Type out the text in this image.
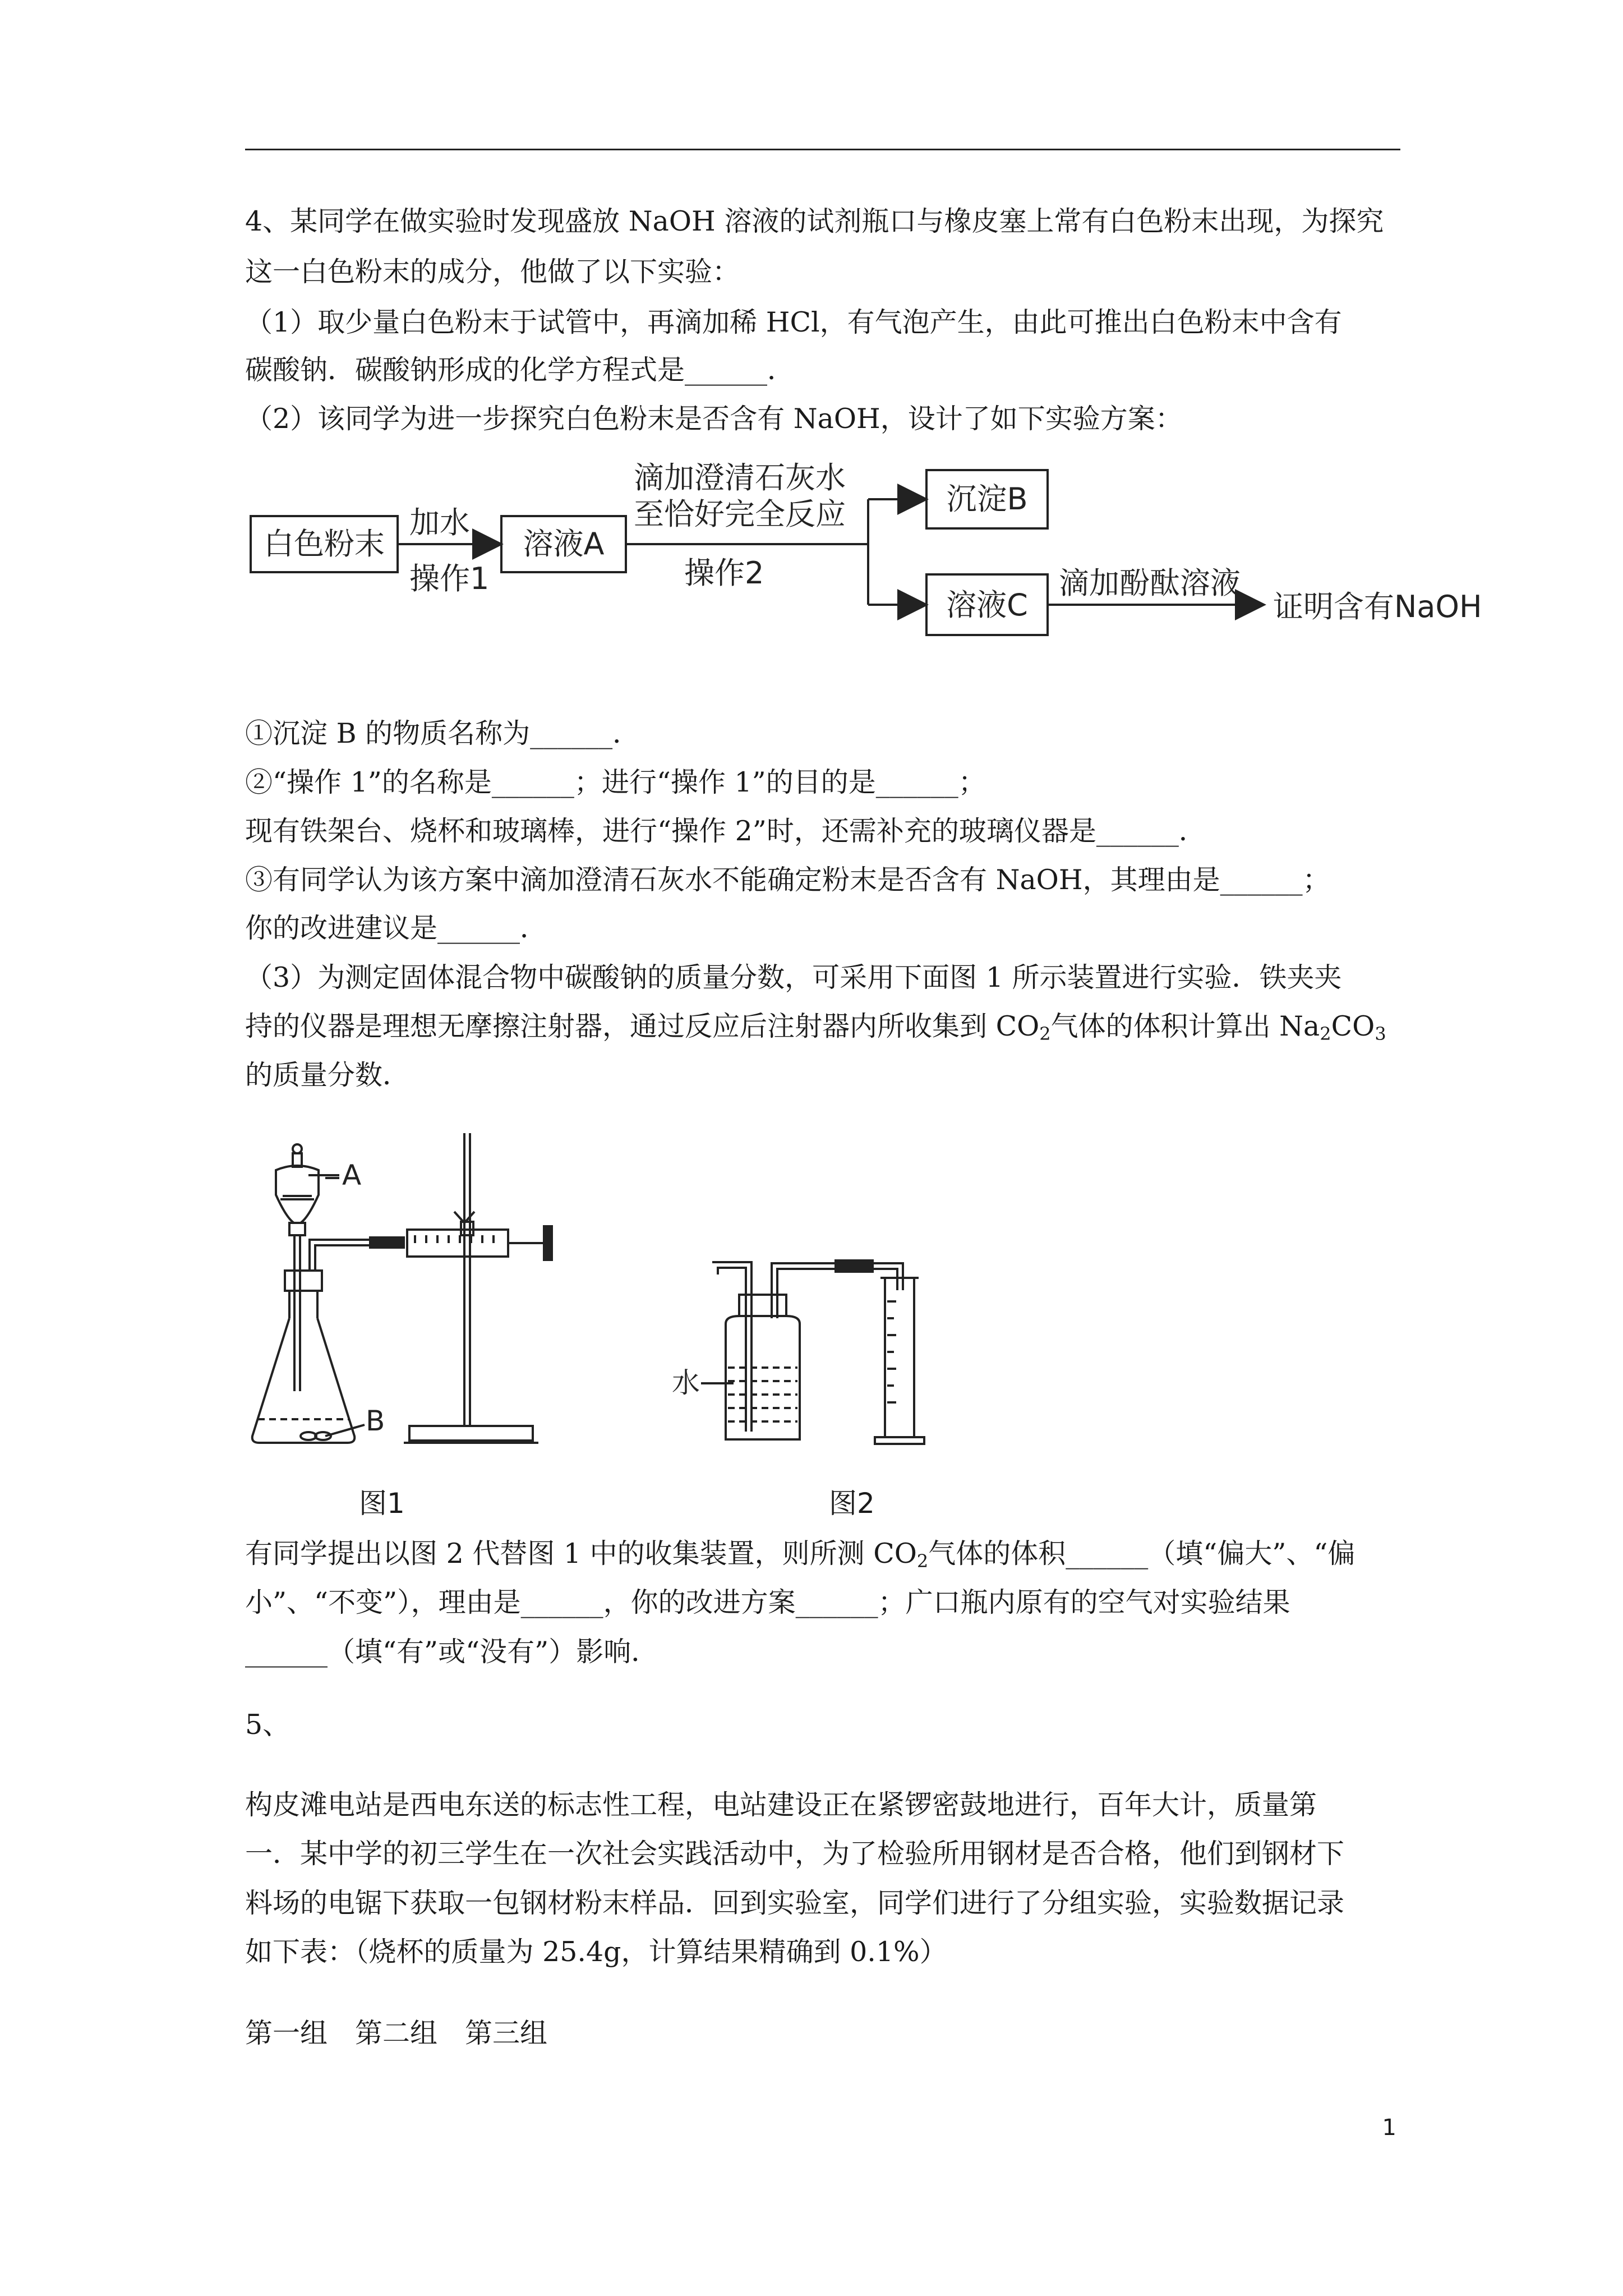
4、某同学在做实验时发现盛放 NaOH 溶液的试剂瓶口与橡皮塞上常有白色粉末出现，为探究
这一白色粉末的成分，他做了以下实验：
（1）取少量白色粉末于试管中，再滴加稀 HCl，有气泡产生，由此可推出白色粉末中含有
碳酸钠．碳酸钠形成的化学方程式是______．
（2）该同学为进一步探究白色粉末是否含有 NaOH，设计了如下实验方案：
白色粉末
加水
操作1
溶液A
滴加澄清石灰水
至恰好完全反应
操作2
沉淀B
溶液C
滴加酚酞溶液
证明含有NaOH
①沉淀 B 的物质名称为______．
②“操作 1”的名称是______；进行“操作 1”的目的是______；
现有铁架台、烧杯和玻璃棒，进行“操作 2”时，还需补充的玻璃仪器是______．
③有同学认为该方案中滴加澄清石灰水不能确定粉末是否含有 NaOH，其理由是______；
你的改进建议是______．
（3）为测定固体混合物中碳酸钠的质量分数，可采用下面图 1 所示装置进行实验．铁夹夹
持的仪器是理想无摩擦注射器，通过反应后注射器内所收集到 $CO_2$气体的体积计算出 $Na_2CO_3$
的质量分数．
A
B
水
图1	图2
有同学提出以图 2 代替图 1 中的收集装置，则所测 $CO_2$气体的体积______（填“偏大”、“偏
小”、“不变”），理由是______，你的改进方案______；广口瓶内原有的空气对实验结果
______（填“有”或“没有”）影响．
5、
构皮滩电站是西电东送的标志性工程，电站建设正在紧锣密鼓地进行，百年大计，质量第
一．某中学的初三学生在一次社会实践活动中，为了检验所用钢材是否合格，他们到钢材下
料场的电锯下获取一包钢材粉末样品．回到实验室，同学们进行了分组实验，实验数据记录
如下表：（烧杯的质量为 25.4g，计算结果精确到 0.1%）
第一组　第二组　第三组
1
